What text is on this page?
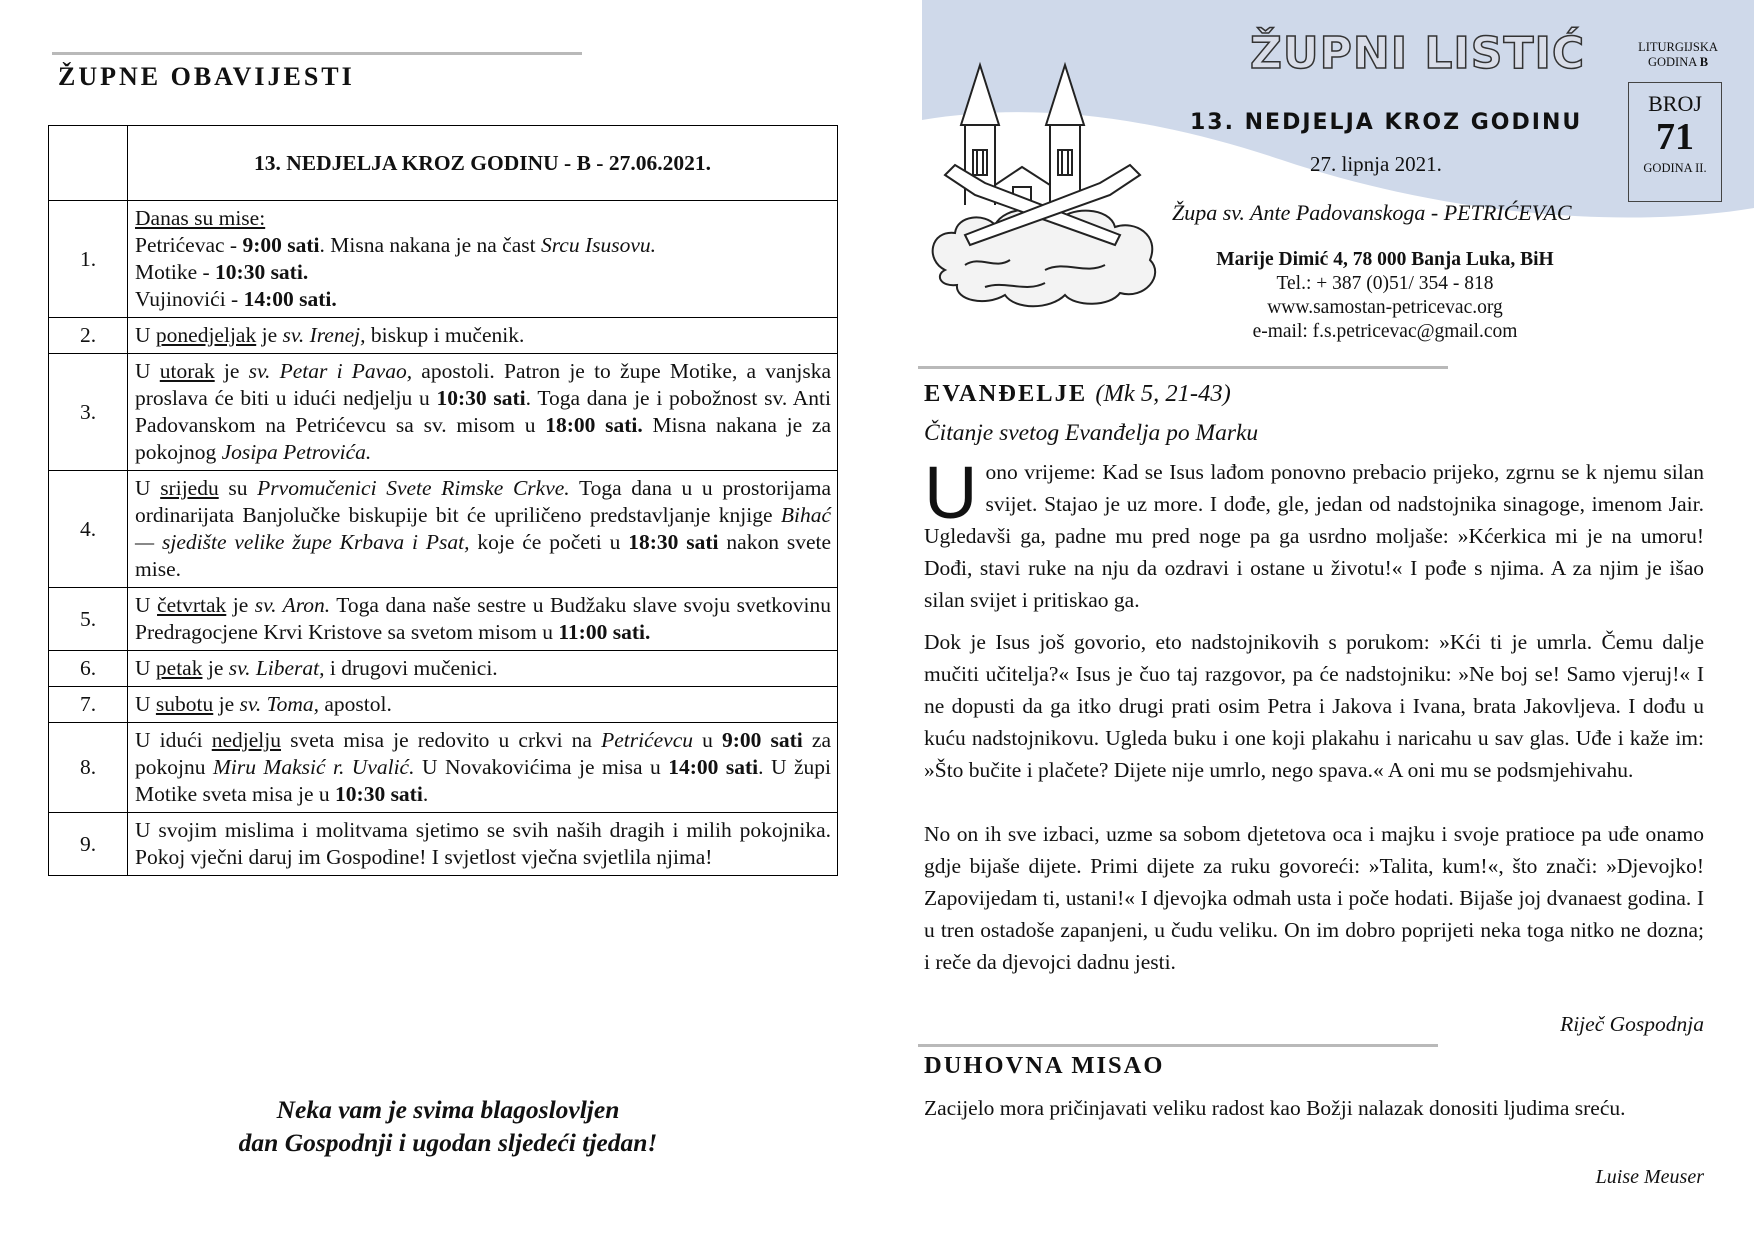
ŽUPNE OBAVIJESTI
	13. NEDJELJA KROZ GODINU - B - 27.06.2021.
1.	Danas su mise:
Petrićevac - 9:00 sati. Misna nakana je na čast Srcu Isusovu.
Motike - 10:30 sati.
Vujinovići - 14:00 sati.

2.	U ponedjeljak je sv. Irenej, biskup i mučenik.

3.	U utorak je sv. Petar i Pavao, apostoli. Patron je to župe Motike, a vanjska proslava će biti u idući nedjelju u 10:30 sati. Toga dana je i pobožnost sv. Anti Padovanskom na Petrićevcu sa sv. misom u 18:00 sati. Misna nakana je za pokojnog Josipa Petrovića.

4.	U srijedu su Prvomučenici Svete Rimske Crkve. Toga dana u u prostorijama ordinarijata Banjolučke biskupije bit će upriličeno predstavljanje knjige Bihać — sjedište velike župe Krbava i Psat, koje će početi u 18:30 sati nakon svete mise.

5.	U četvrtak je sv. Aron. Toga dana naše sestre u Budžaku slave svoju svetkovinu Predragocjene Krvi Kristove sa svetom misom u 11:00 sati.

6.	U petak je sv. Liberat, i drugovi mučenici.

7.	U subotu je sv. Toma, apostol.

8.	U idući nedjelju sveta misa je redovito u crkvi na Petrićevcu u 9:00 sati za pokojnu Miru Maksić r. Uvalić. U Novakovićima je misa u 14:00 sati. U župi Motike sveta misa je u 10:30 sati.

9.	U svojim mislima i molitvama sjetimo se svih naših dragih i milih pokojnika. Pokoj vječni daruj im Gospodine! I svjetlost vječna svjetlila njima!
Neka vam je svima blagoslovljen
dan Gospodnji i ugodan sljedeći tjedan!
ŽUPNI LISTIĆ
13. NEDJELJA KROZ GODINU
27. lipnja 2021.
Župa sv. Ante Padovanskoga - PETRIĆEVAC
LITURGIJSKA
GODINA B
BROJ
71
GODINA II.
Marije Dimić 4, 78 000 Banja Luka, BiH
Tel.: + 387 (0)51/ 354 - 818
www.samostan-petricevac.org
e-mail: f.s.petricevac@gmail.com
EVANĐELJE (Mk 5, 21-43)
Čitanje svetog Evanđelja po Marku
Uono vrijeme: Kad se Isus lađom ponovno prebacio prijeko, zgrnu se k njemu silan svijet. Stajao je uz more. I dođe, gle, jedan od nadstojnika sinagoge, imenom Jair. Ugledavši ga, padne mu pred noge pa ga usrdno moljaše: »Kćerkica mi je na umoru! Dođi, stavi ruke na nju da ozdravi i ostane u životu!« I pođe s njima. A za njim je išao silan svijet i pritiskao ga.
Dok je Isus još govorio, eto nadstojnikovih s porukom: »Kći ti je umrla. Čemu dalje mučiti učitelja?« Isus je čuo taj razgovor, pa će nadstojniku: »Ne boj se! Samo vjeruj!« I ne dopusti da ga itko drugi prati osim Petra i Jakova i Ivana, brata Jakovljeva. I dođu u kuću nadstojnikovu. Ugleda buku i one koji plakahu i naricahu u sav glas. Uđe i kaže im: »Što bučite i plačete? Dijete nije umrlo, nego spava.« A oni mu se podsmjehivahu.
No on ih sve izbaci, uzme sa sobom djetetova oca i majku i svoje pratioce pa uđe onamo gdje bijaše dijete. Primi dijete za ruku govoreći: »Talita, kum!«, što znači: »Djevojko! Zapovijedam ti, ustani!« I djevojka odmah usta i poče hodati. Bijaše joj dvanaest godina. I u tren ostadoše zapanjeni, u čudu veliku. On im dobro poprijeti neka toga nitko ne dozna; i reče da djevojci dadnu jesti.
Riječ Gospodnja
DUHOVNA MISAO
Zacijelo mora pričinjavati veliku radost kao Božji nalazak donositi ljudima sreću.
Luise Meuser
